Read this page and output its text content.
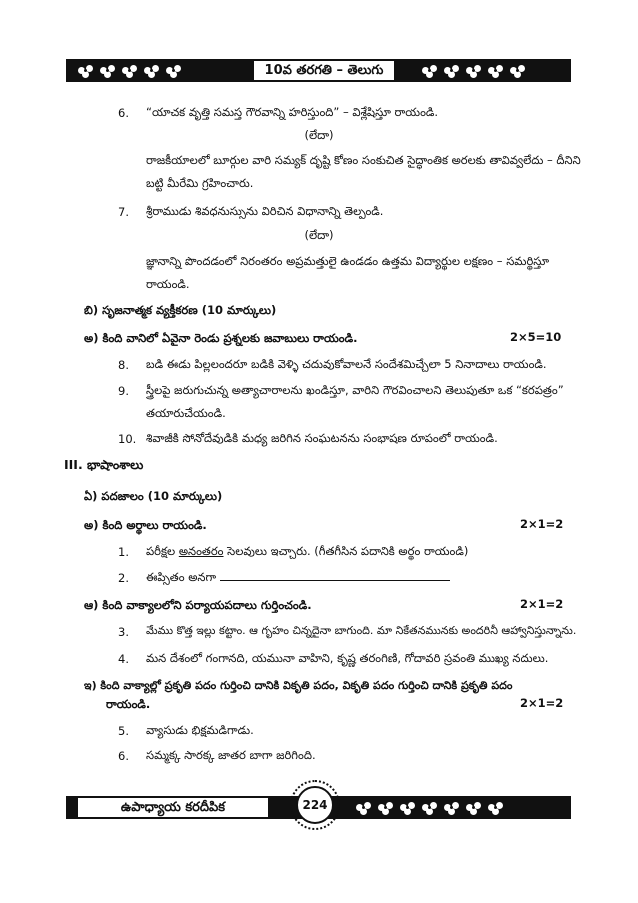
10వ తరగతి – తెలుగు
6. “యాచక వృత్తి సమస్త గౌరవాన్ని హరిస్తుంది” – విశ్లేషిస్తూ రాయండి.
(లేదా)
రాజకీయాలలో బూర్గుల వారి సమ్యక్ దృష్టి కోణం సంకుచిత సైద్ధాంతిక అరలకు తావివ్వలేదు – దీనిని
బట్టి మీరేమి గ్రహించారు.
7. శ్రీరాముడు శివధనుస్సును విరిచిన విధానాన్ని తెల్పండి.
(లేదా)
జ్ఞానాన్ని పొందడంలో నిరంతరం అప్రమత్తులై ఉండడం ఉత్తమ విద్యార్థుల లక్షణం – సమర్థిస్తూ
రాయండి.
బి) సృజనాత్మక వ్యక్తీకరణ (10 మార్కులు)
అ) కింది వానిలో ఏవైనా రెండు ప్రశ్నలకు జవాబులు రాయండి.	2×5=10
8. బడి ఈడు పిల్లలందరూ బడికి వెళ్ళి చదువుకోవాలనే సందేశమిచ్చేలా 5 నినాదాలు రాయండి.
9. స్త్రీలపై జరుగుచున్న అత్యాచారాలను ఖండిస్తూ, వారిని గౌరవించాలని తెలుపుతూ ఒక “కరపత్రం”
తయారుచేయండి.
10. శివాజీకి సోనోదేవుడికి మధ్య జరిగిన సంఘటనను సంభాషణ రూపంలో రాయండి.
III. భాషాంశాలు
ఏ) పదజాలం (10 మార్కులు)
అ) కింది అర్థాలు రాయండి.	2×1=2
1. పరీక్షల అనంతరం సెలవులు ఇచ్చారు. (గీతగీసిన పదానికి అర్థం రాయండి)
2. ఈప్సితం అనగా
ఆ) కింది వాక్యాలలోని పర్యాయపదాలు గుర్తించండి.	2×1=2
3. మేము కొత్త ఇల్లు కట్టాం. ఆ గృహం చిన్నదైనా బాగుంది. మా నికేతనమునకు అందరినీ ఆహ్వానిస్తున్నాను.
4. మన దేశంలో గంగానది, యమునా వాహిని, కృష్ణ తరంగిణి, గోదావరి స్రవంతి ముఖ్య నదులు.
ఇ) కింది వాక్యాల్లో ప్రకృతి పదం గుర్తించి దానికి వికృతి పదం, వికృతి పదం గుర్తించి దానికి ప్రకృతి పదం
రాయండి.	2×1=2
5. వ్యాసుడు భిక్షమడిగాడు.
6. సమ్మక్క సారక్క జాతర బాగా జరిగింది.
ఉపాధ్యాయ కరదీపిక	224
